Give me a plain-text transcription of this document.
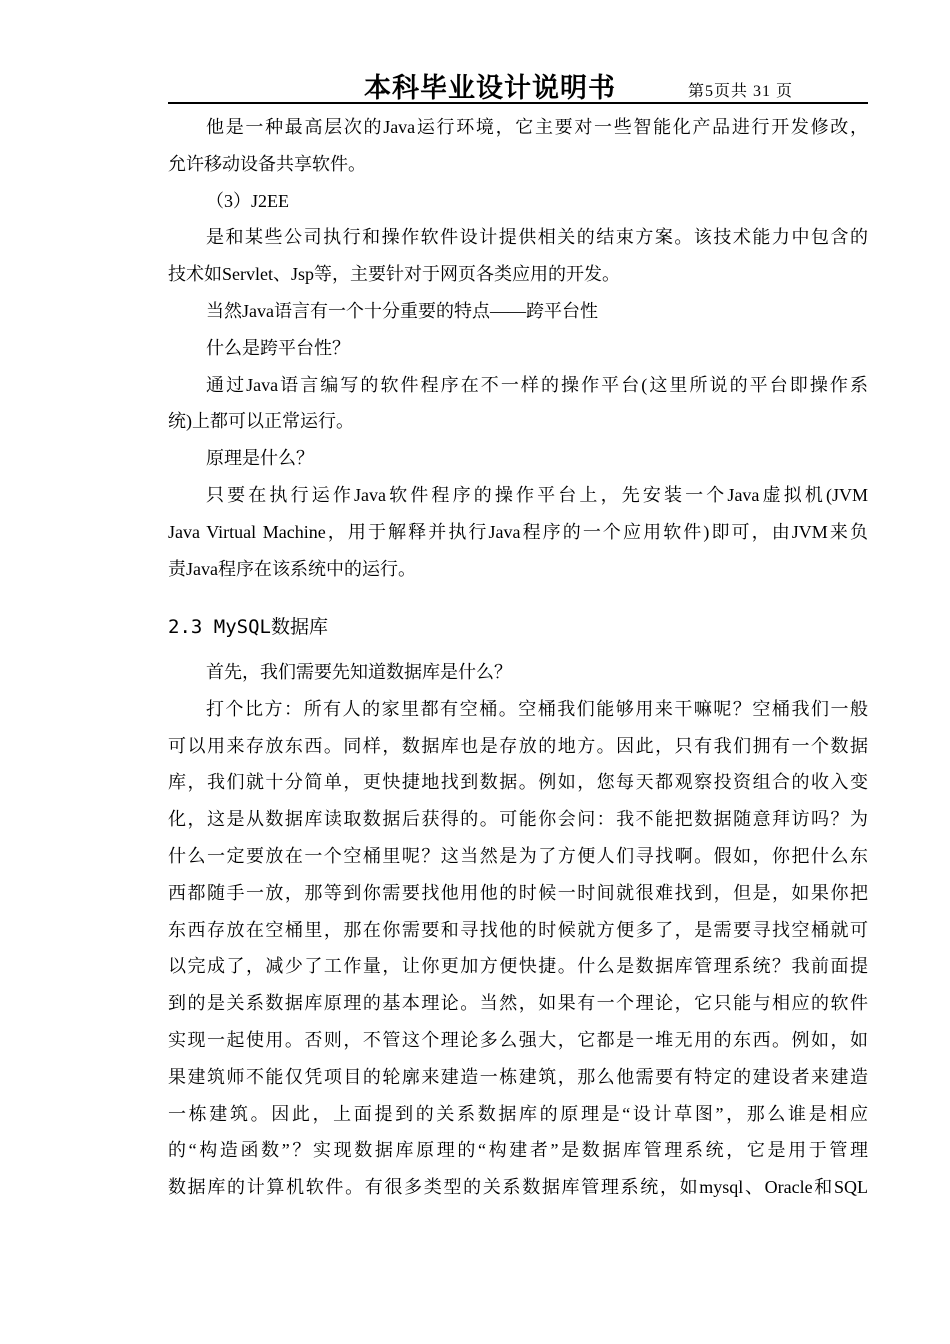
本科毕业设计说明书	第5页共 31 页
他是一种最高层次的Java运行环境，它主要对一些智能化产品进行开发修改，
允许移动设备共享软件。
（3）J2EE
是和某些公司执行和操作软件设计提供相关的结束方案。该技术能力中包含的
技术如Servlet、Jsp等，主要针对于网页各类应用的开发。
当然Java语言有一个十分重要的特点——跨平台性
什么是跨平台性？
通过Java语言编写的软件程序在不一样的操作平台(这里所说的平台即操作系
统)上都可以正常运行。
原理是什么？
只要在执行运作Java软件程序的操作平台上，先安装一个Java虚拟机(JVM
Java Virtual Machine，用于解释并执行Java程序的一个应用软件)即可，由JVM来负
责Java程序在该系统中的运行。
2.3 MySQL数据库
首先，我们需要先知道数据库是什么？
打个比方：所有人的家里都有空桶。空桶我们能够用来干嘛呢？空桶我们一般
可以用来存放东西。同样，数据库也是存放的地方。因此，只有我们拥有一个数据
库，我们就十分简单，更快捷地找到数据。例如，您每天都观察投资组合的收入变
化，这是从数据库读取数据后获得的。可能你会问：我不能把数据随意拜访吗？为
什么一定要放在一个空桶里呢？这当然是为了方便人们寻找啊。假如，你把什么东
西都随手一放，那等到你需要找他用他的时候一时间就很难找到，但是，如果你把
东西存放在空桶里，那在你需要和寻找他的时候就方便多了，是需要寻找空桶就可
以完成了，减少了工作量，让你更加方便快捷。什么是数据库管理系统？我前面提
到的是关系数据库原理的基本理论。当然，如果有一个理论，它只能与相应的软件
实现一起使用。否则，不管这个理论多么强大，它都是一堆无用的东西。例如，如
果建筑师不能仅凭项目的轮廓来建造一栋建筑，那么他需要有特定的建设者来建造
一栋建筑。因此，上面提到的关系数据库的原理是“设计草图”，那么谁是相应
的“构造函数”？实现数据库原理的“构建者”是数据库管理系统，它是用于管理
数据库的计算机软件。有很多类型的关系数据库管理系统，如mysql、Oracle和SQL
